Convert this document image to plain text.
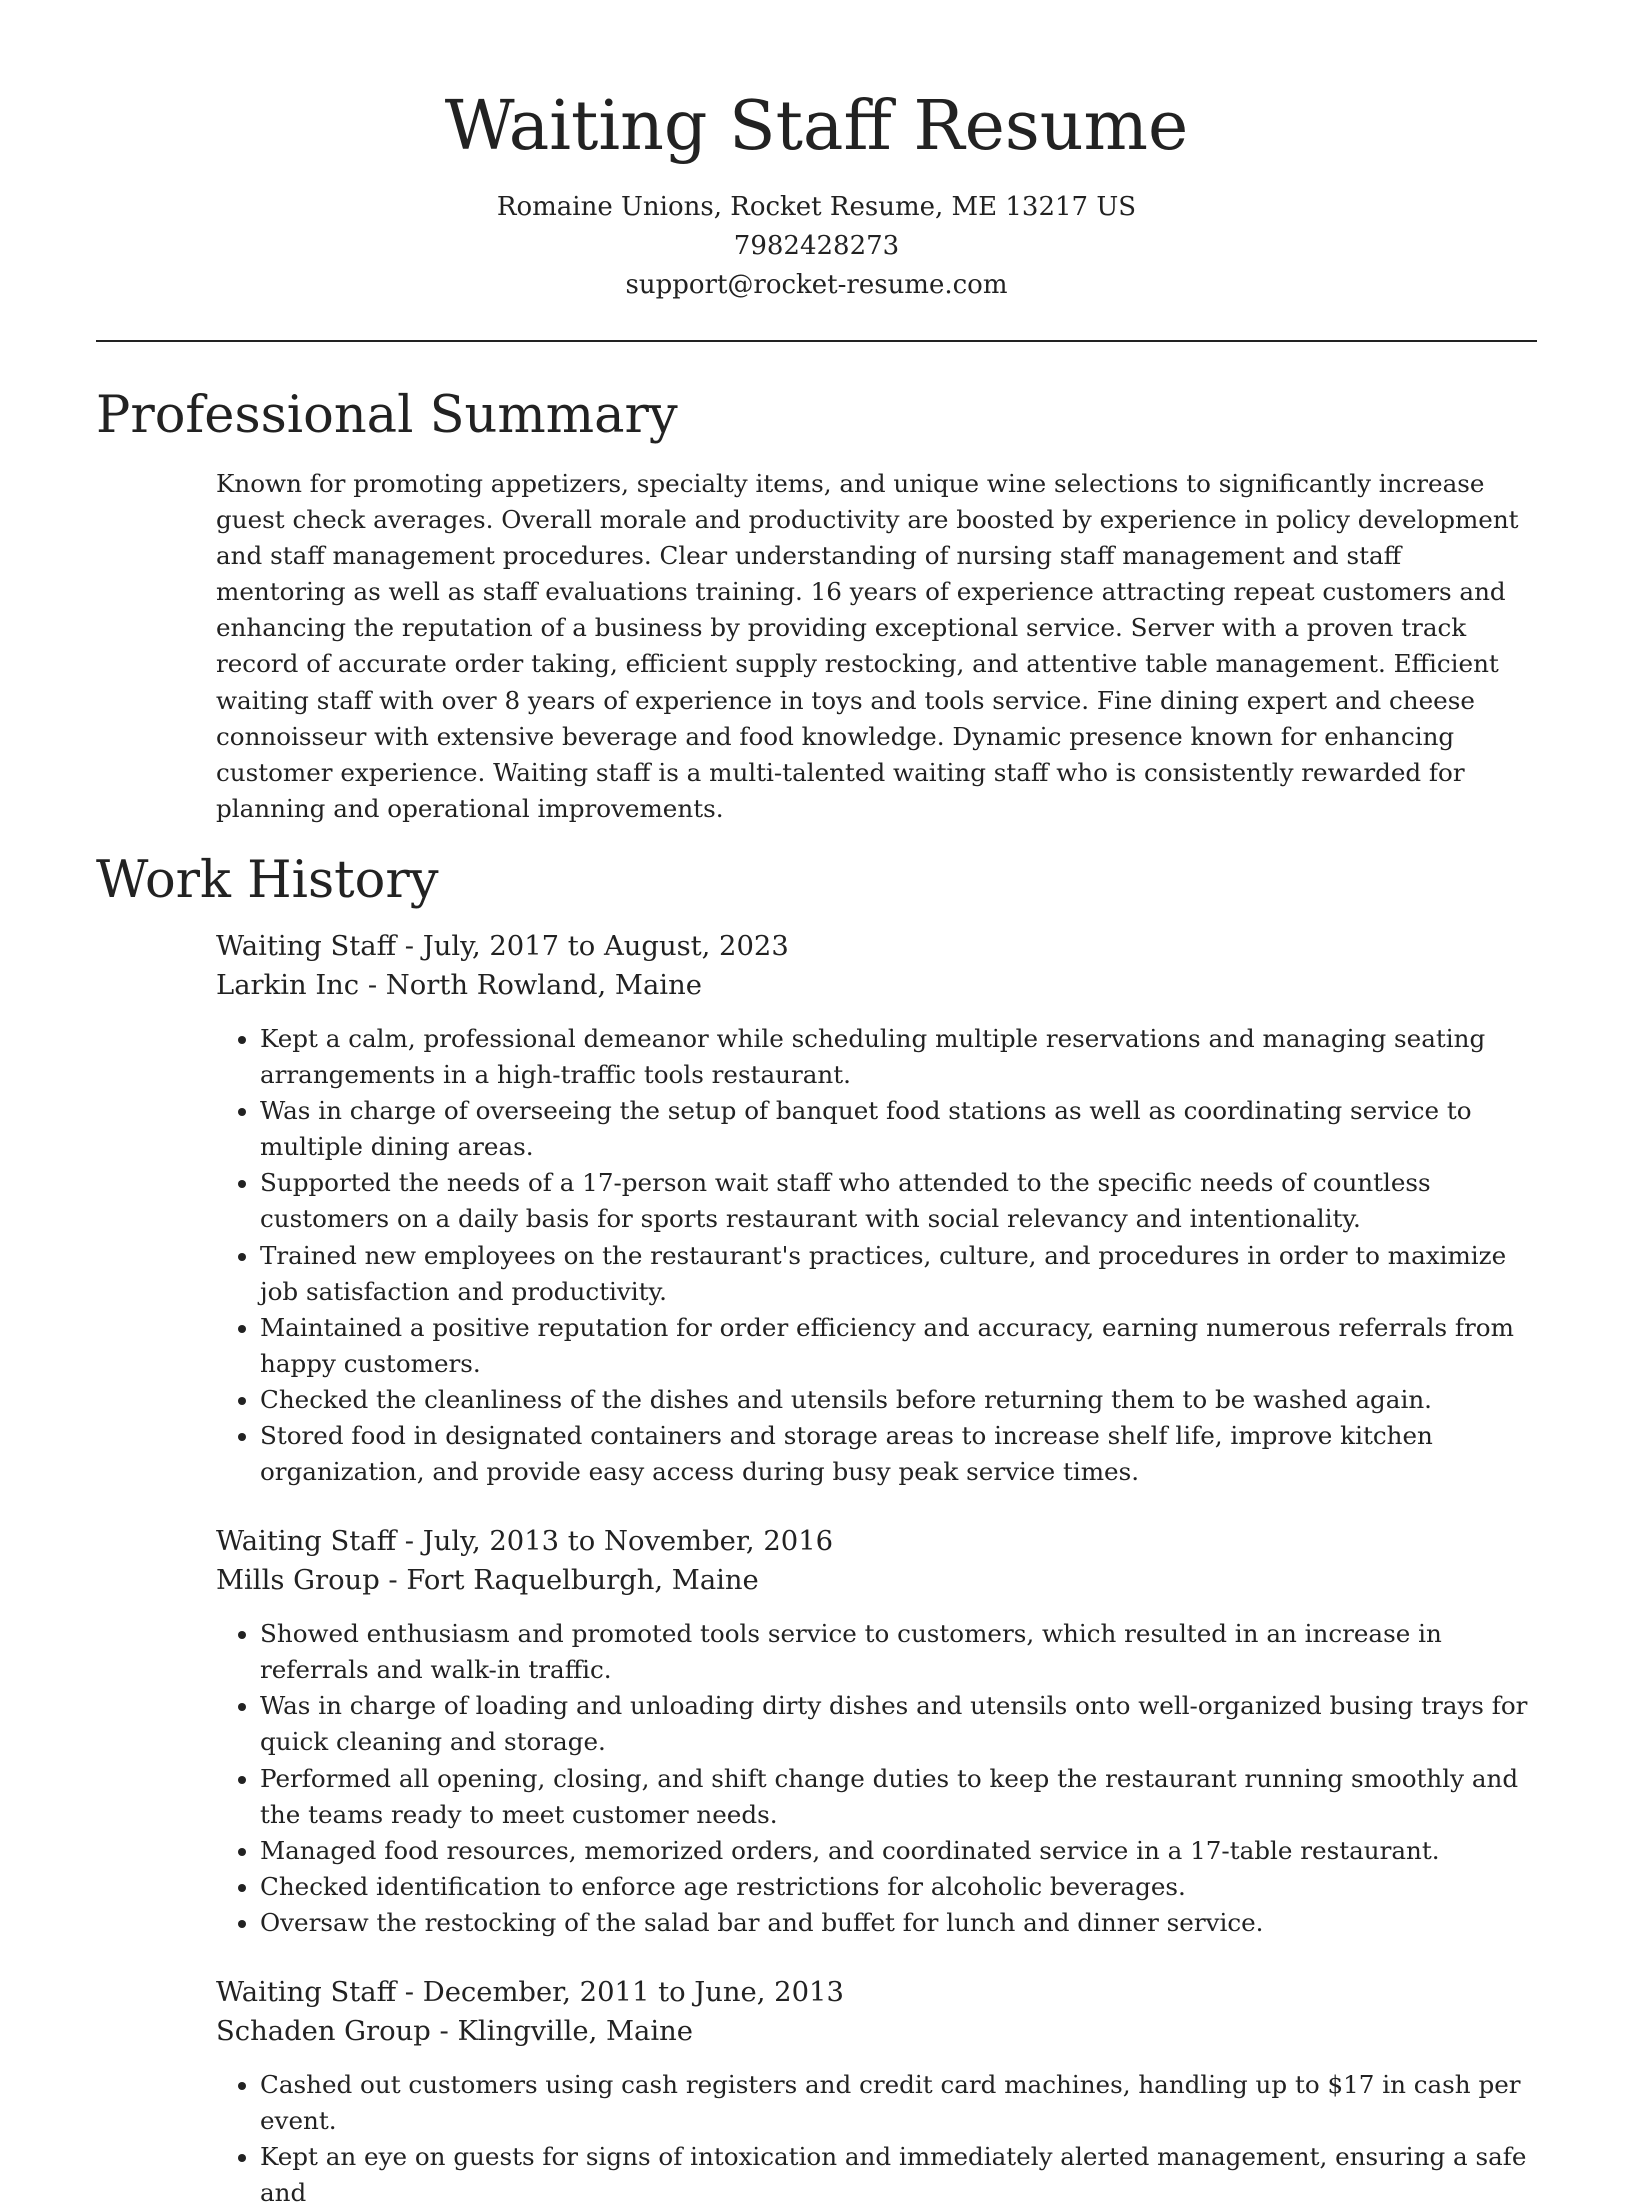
Waiting Staff Resume
Romaine Unions, Rocket Resume, ME 13217 US
7982428273
support@rocket-resume.com
Professional Summary

Known for promoting appetizers, specialty items, and unique wine selections to significantly increase guest check averages. Overall morale and productivity are boosted by experience in policy development and staff management procedures. Clear understanding of nursing staff management and staff mentoring as well as staff evaluations training. 16 years of experience attracting repeat customers and enhancing the reputation of a business by providing exceptional service. Server with a proven track record of accurate order taking, efficient supply restocking, and attentive table management. Efficient waiting staff with over 8 years of experience in toys and tools service. Fine dining expert and cheese connoisseur with extensive beverage and food knowledge. Dynamic presence known for enhancing customer experience. Waiting staff is a multi-talented waiting staff who is consistently rewarded for planning and operational improvements.

Work History
Waiting Staff - July, 2017 to August, 2023
Larkin Inc - North Rowland, Maine
• Kept a calm, professional demeanor while scheduling multiple reservations and managing seating arrangements in a high-traffic tools restaurant.
• Was in charge of overseeing the setup of banquet food stations as well as coordinating service to multiple dining areas.
• Supported the needs of a 17-person wait staff who attended to the specific needs of countless customers on a daily basis for sports restaurant with social relevancy and intentionality.
• Trained new employees on the restaurant's practices, culture, and procedures in order to maximize job satisfaction and productivity.
• Maintained a positive reputation for order efficiency and accuracy, earning numerous referrals from happy customers.
• Checked the cleanliness of the dishes and utensils before returning them to be washed again.
• Stored food in designated containers and storage areas to increase shelf life, improve kitchen organization, and provide easy access during busy peak service times.
Waiting Staff - July, 2013 to November, 2016
Mills Group - Fort Raquelburgh, Maine
• Showed enthusiasm and promoted tools service to customers, which resulted in an increase in referrals and walk-in traffic.
• Was in charge of loading and unloading dirty dishes and utensils onto well-organized busing trays for quick cleaning and storage.
• Performed all opening, closing, and shift change duties to keep the restaurant running smoothly and the teams ready to meet customer needs.
• Managed food resources, memorized orders, and coordinated service in a 17-table restaurant.
• Checked identification to enforce age restrictions for alcoholic beverages.
• Oversaw the restocking of the salad bar and buffet for lunch and dinner service.
Waiting Staff - December, 2011 to June, 2013
Schaden Group - Klingville, Maine
• Cashed out customers using cash registers and credit card machines, handling up to $17 in cash per event.
• Kept an eye on guests for signs of intoxication and immediately alerted management, ensuring a safe and
